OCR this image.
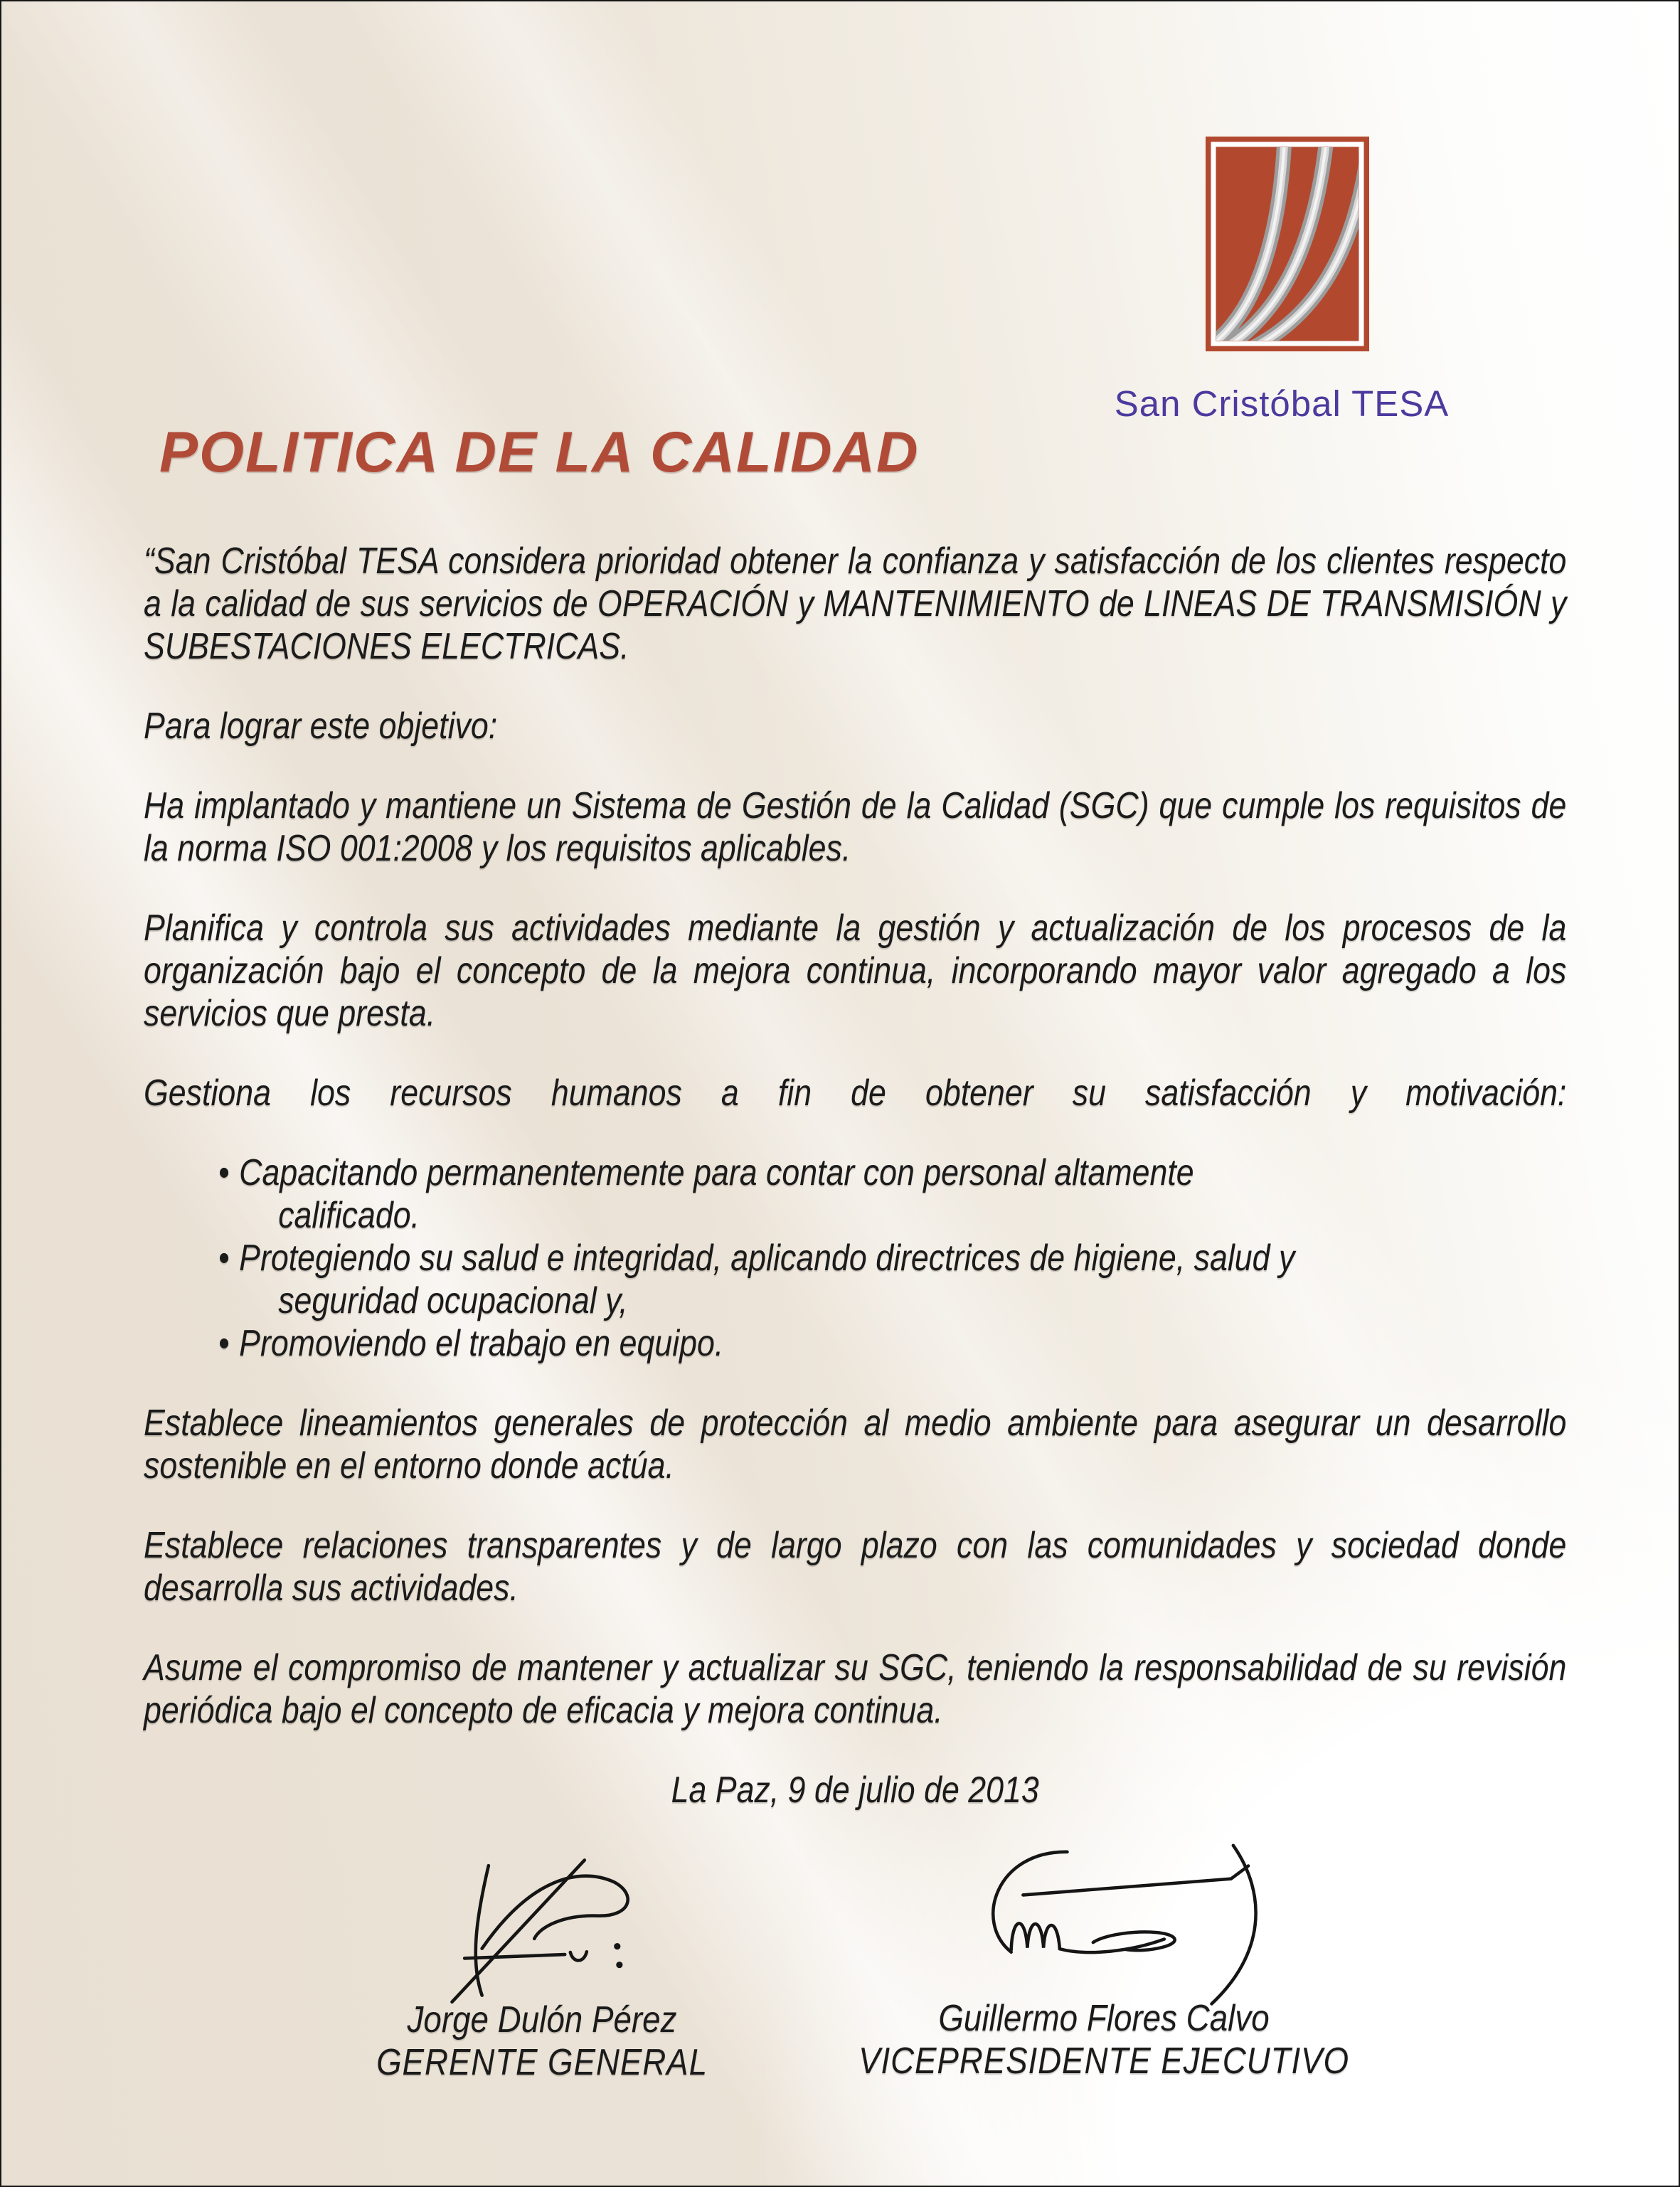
San Cristóbal TESA
POLITICA DE LA CALIDAD

“San Cristóbal TESA considera prioridad obtener la confianza y satisfacción de los clientes respecto a la calidad de sus servicios de OPERACIÓN y MANTENIMIENTO de LINEAS DE TRANSMISIÓN y SUBESTACIONES ELECTRICAS.

Para lograr este objetivo:

Ha implantado y mantiene un Sistema de Gestión de la Calidad (SGC) que cumple los requisitos de la norma ISO 001:2008 y los requisitos aplicables.

Planifica y controla sus actividades mediante la gestión y actualización de los procesos de la organización bajo el concepto de la mejora continua, incorporando mayor valor agregado a los servicios que presta.

Gestiona los recursos humanos a fin de obtener su satisfacción y motivación:

• Capacitando permanentemente para contar con personal altamente calificado.
• Protegiendo su salud e integridad, aplicando directrices de higiene, salud y seguridad ocupacional y,
• Promoviendo el trabajo en equipo.

Establece lineamientos generales de protección al medio ambiente para asegurar un desarrollo sostenible en el entorno donde actúa.

Establece relaciones transparentes y de largo plazo con las comunidades y sociedad donde desarrolla sus actividades.

Asume el compromiso de mantener y actualizar su SGC, teniendo la responsabilidad de su revisión periódica bajo el concepto de eficacia y mejora continua.

La Paz, 9 de julio de 2013

Jorge Dulón Pérez
GERENTE GENERAL
Guillermo Flores Calvo
VICEPRESIDENTE EJECUTIVO
